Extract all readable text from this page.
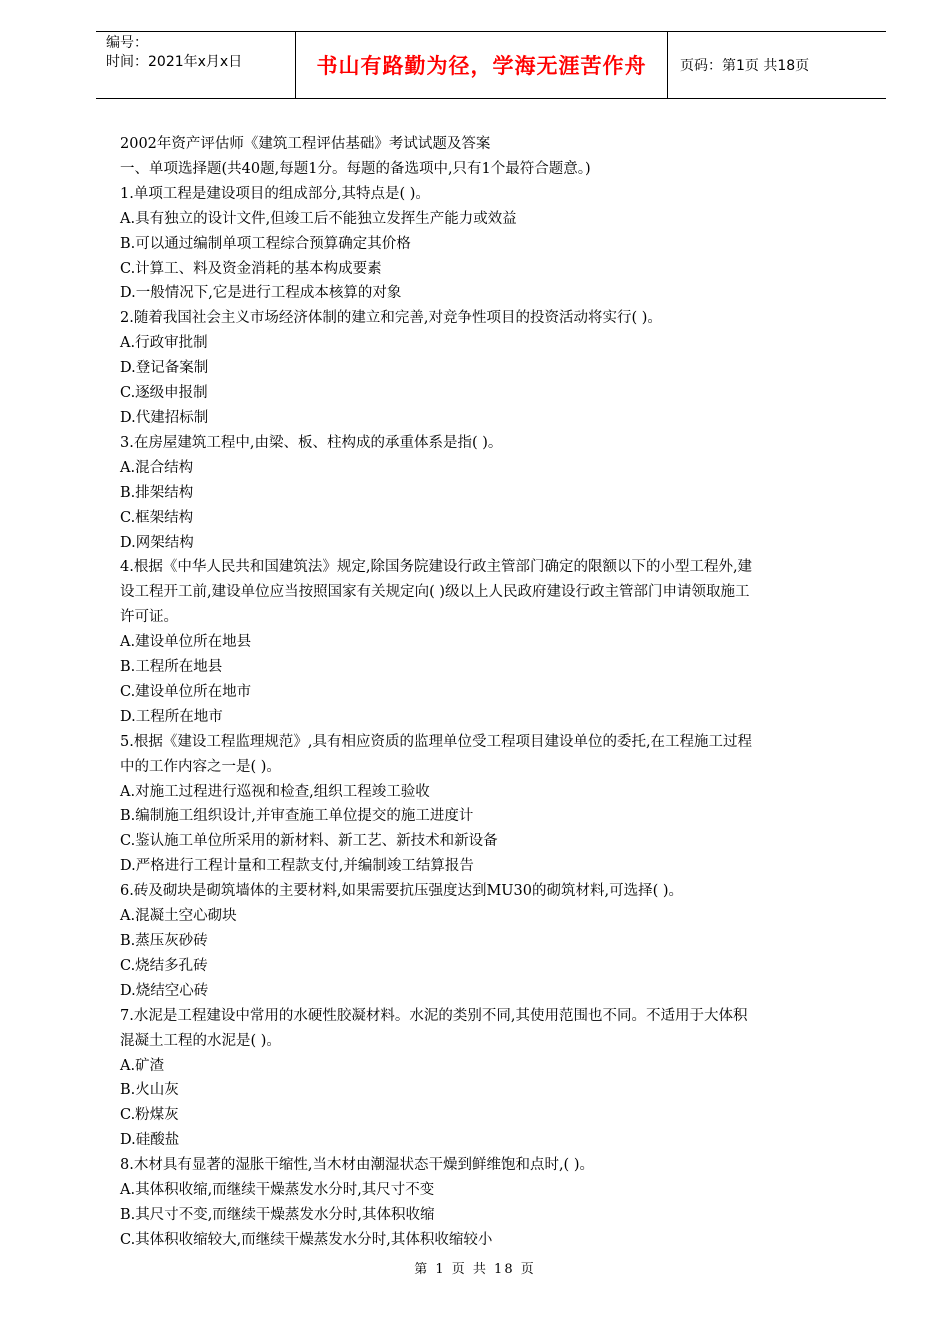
编号：
时间：2021年x月x日	书山有路勤为径，学海无涯苦作舟	页码：第1页 共18页

2002年资产评估师《建筑工程评估基础》考试试题及答案

一、单项选择题(共40题,每题1分。每题的备选项中,只有1个最符合题意。)

1.单项工程是建设项目的组成部分,其特点是( )。

A.具有独立的设计文件,但竣工后不能独立发挥生产能力或效益

B.可以通过编制单项工程综合预算确定其价格

C.计算工、料及资金消耗的基本构成要素

D.一般情况下,它是进行工程成本核算的对象

2.随着我国社会主义市场经济体制的建立和完善,对竞争性项目的投资活动将实行( )。

A.行政审批制

D.登记备案制

C.逐级申报制

D.代建招标制

3.在房屋建筑工程中,由梁、板、柱构成的承重体系是指( )。

A.混合结构

B.排架结构

C.框架结构

D.网架结构

4.根据《中华人民共和国建筑法》规定,除国务院建设行政主管部门确定的限额以下的小型工程外,建

设工程开工前,建设单位应当按照国家有关规定向( )级以上人民政府建设行政主管部门申请领取施工

许可证。

A.建设单位所在地县

B.工程所在地县

C.建设单位所在地市

D.工程所在地市

5.根据《建设工程监理规范》,具有相应资质的监理单位受工程项目建设单位的委托,在工程施工过程

中的工作内容之一是( )。

A.对施工过程进行巡视和检查,组织工程竣工验收

B.编制施工组织设计,并审查施工单位提交的施工进度计

C.鉴认施工单位所采用的新材料、新工艺、新技术和新设备

D.严格进行工程计量和工程款支付,并编制竣工结算报告

6.砖及砌块是砌筑墙体的主要材料,如果需要抗压强度达到MU30的砌筑材料,可选择( )。

A.混凝土空心砌块

B.蒸压灰砂砖

C.烧结多孔砖

D.烧结空心砖

7.水泥是工程建设中常用的水硬性胶凝材料。水泥的类别不同,其使用范围也不同。不适用于大体积

混凝土工程的水泥是( )。

A.矿渣

B.火山灰

C.粉煤灰

D.硅酸盐

8.木材具有显著的湿胀干缩性,当木材由潮湿状态干燥到鲜维饱和点时,( )。

A.其体积收缩,而继续干燥蒸发水分时,其尺寸不变

B.其尺寸不变,而继续干燥蒸发水分时,其体积收缩

C.其体积收缩较大,而继续干燥蒸发水分时,其体积收缩较小

第 1 页 共 18 页
